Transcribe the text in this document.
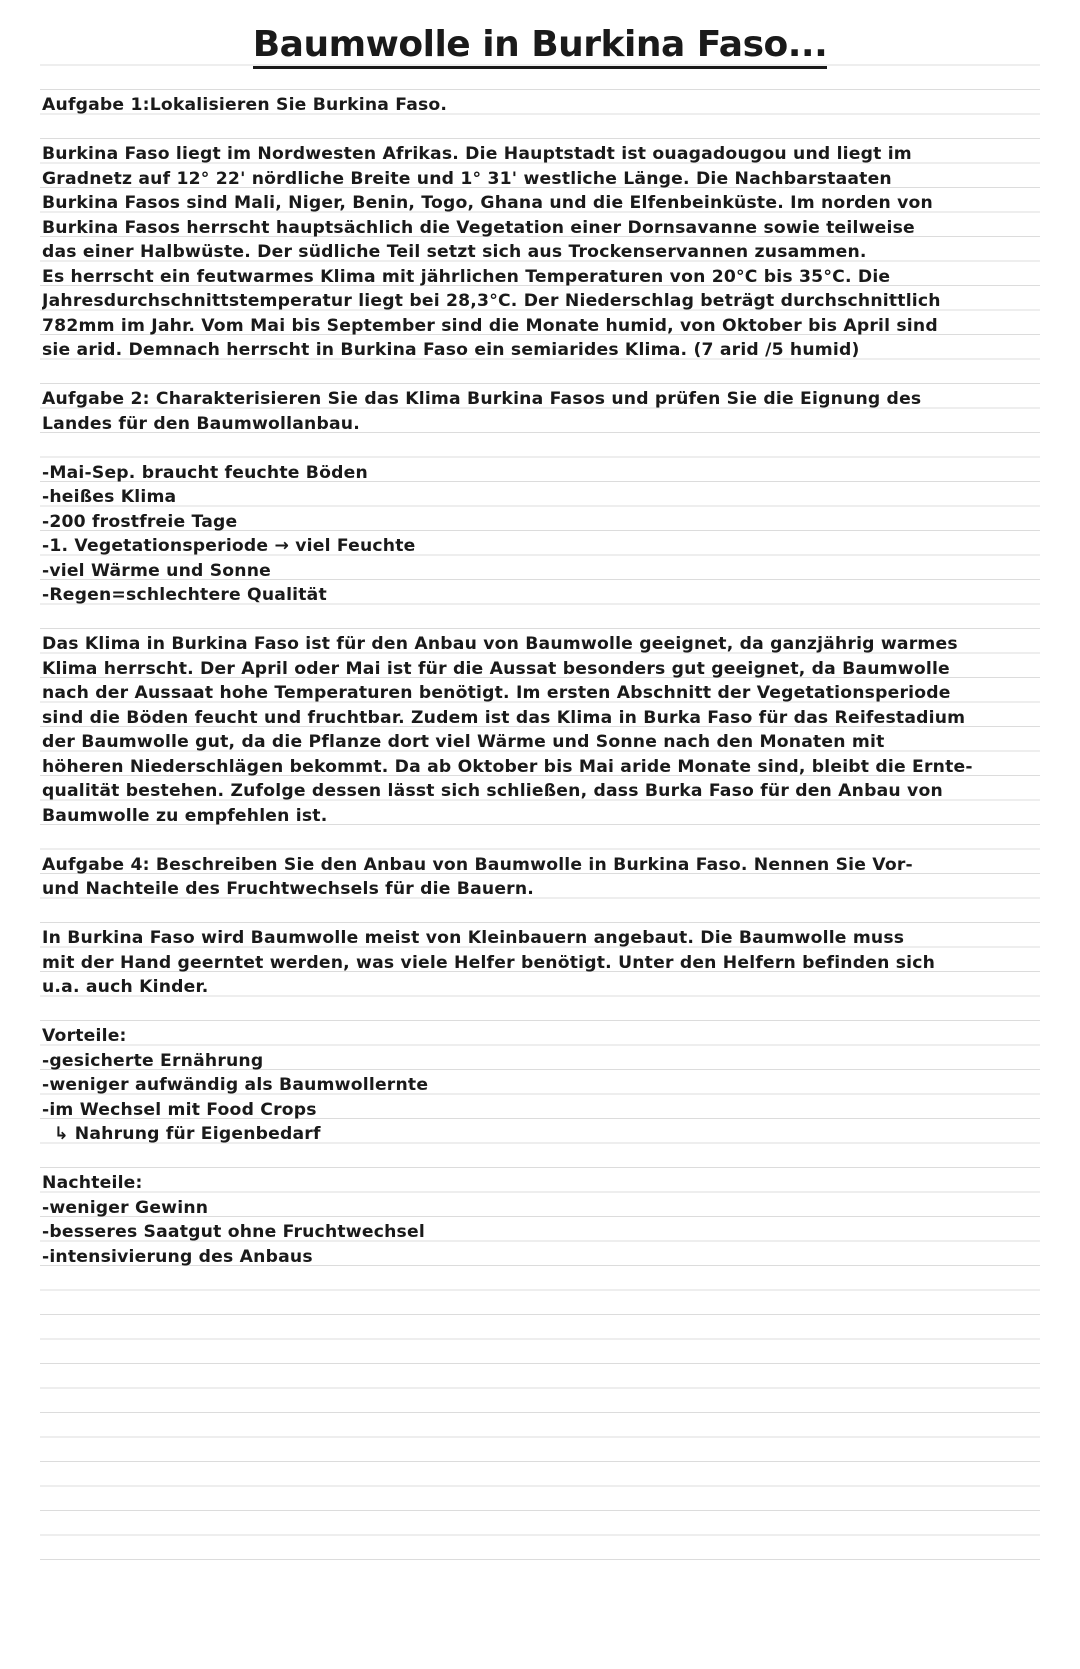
Baumwolle in Burkina Faso...

Aufgabe 1:Lokalisieren Sie Burkina Faso.

Burkina Faso liegt im Nordwesten Afrikas. Die Hauptstadt ist ouagadougou und liegt im

Gradnetz auf 12° 22' nördliche Breite und 1° 31' westliche Länge. Die Nachbarstaaten

Burkina Fasos sind Mali, Niger, Benin, Togo, Ghana und die Elfenbeinküste. Im norden von

Burkina Fasos herrscht hauptsächlich die Vegetation einer Dornsavanne sowie teilweise

das einer Halbwüste. Der südliche Teil setzt sich aus Trockenservannen zusammen.

Es herrscht ein feutwarmes Klima mit jährlichen Temperaturen von 20°C bis 35°C. Die

Jahresdurchschnittstemperatur liegt bei 28,3°C. Der Niederschlag beträgt durchschnittlich

782mm im Jahr. Vom Mai bis September sind die Monate humid, von Oktober bis April sind

sie arid. Demnach herrscht in Burkina Faso ein semiarides Klima. (7 arid /5 humid)

Aufgabe 2: Charakterisieren Sie das Klima Burkina Fasos und prüfen Sie die Eignung des

Landes für den Baumwollanbau.

-Mai-Sep. braucht feuchte Böden

-heißes Klima

-200 frostfreie Tage

-1. Vegetationsperiode → viel Feuchte

-viel Wärme und Sonne

-Regen=schlechtere Qualität

Das Klima in Burkina Faso ist für den Anbau von Baumwolle geeignet, da ganzjährig warmes

Klima herrscht. Der April oder Mai ist für die Aussat besonders gut geeignet, da Baumwolle

nach der Aussaat hohe Temperaturen benötigt. Im ersten Abschnitt der Vegetationsperiode

sind die Böden feucht und fruchtbar. Zudem ist das Klima in Burka Faso für das Reifestadium

der Baumwolle gut, da die Pflanze dort viel Wärme und Sonne nach den Monaten mit

höheren Niederschlägen bekommt. Da ab Oktober bis Mai aride Monate sind, bleibt die Ernte-

qualität bestehen. Zufolge dessen lässt sich schließen, dass Burka Faso für den Anbau von

Baumwolle zu empfehlen ist.

Aufgabe 4: Beschreiben Sie den Anbau von Baumwolle in Burkina Faso. Nennen Sie Vor-

und Nachteile des Fruchtwechsels für die Bauern.

In Burkina Faso wird Baumwolle meist von Kleinbauern angebaut. Die Baumwolle muss

mit der Hand geerntet werden, was viele Helfer benötigt. Unter den Helfern befinden sich

u.a. auch Kinder.

Vorteile:

-gesicherte Ernährung

-weniger aufwändig als Baumwollernte

-im Wechsel mit Food Crops

↳ Nahrung für Eigenbedarf

Nachteile:

-weniger Gewinn

-besseres Saatgut ohne Fruchtwechsel

-intensivierung des Anbaus
